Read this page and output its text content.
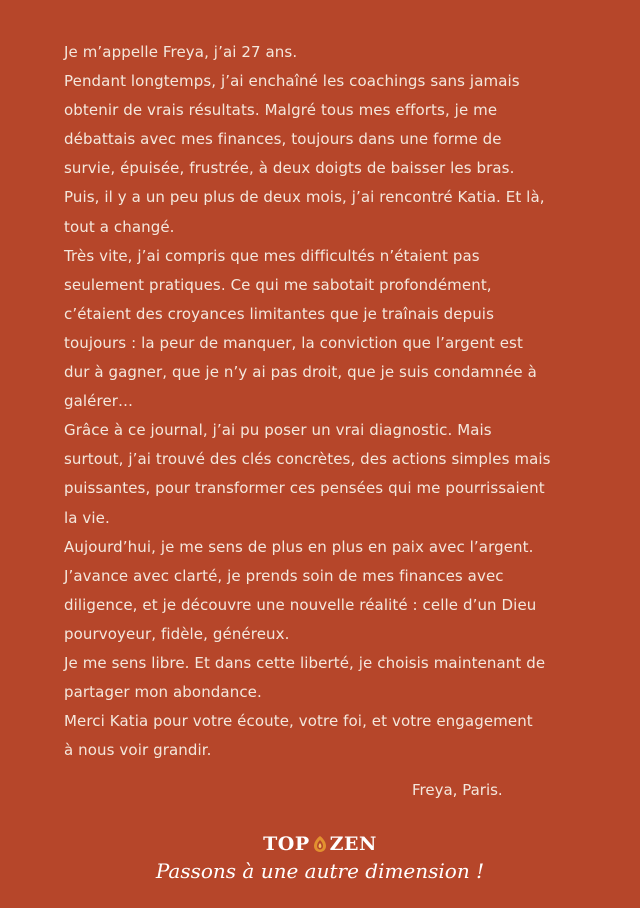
Je m’appelle Freya, j’ai 27 ans.

Pendant longtemps, j’ai enchaîné les coachings sans jamais

obtenir de vrais résultats. Malgré tous mes efforts, je me

débattais avec mes finances, toujours dans une forme de

survie, épuisée, frustrée, à deux doigts de baisser les bras.

Puis, il y a un peu plus de deux mois, j’ai rencontré Katia. Et là,

tout a changé.

Très vite, j’ai compris que mes difficultés n’étaient pas

seulement pratiques. Ce qui me sabotait profondément,

c’étaient des croyances limitantes que je traînais depuis

toujours : la peur de manquer, la conviction que l’argent est

dur à gagner, que je n’y ai pas droit, que je suis condamnée à

galérer…

Grâce à ce journal, j’ai pu poser un vrai diagnostic. Mais

surtout, j’ai trouvé des clés concrètes, des actions simples mais

puissantes, pour transformer ces pensées qui me pourrissaient

la vie.

Aujourd’hui, je me sens de plus en plus en paix avec l’argent.

J’avance avec clarté, je prends soin de mes finances avec

diligence, et je découvre une nouvelle réalité : celle d’un Dieu

pourvoyeur, fidèle, généreux.

Je me sens libre. Et dans cette liberté, je choisis maintenant de

partager mon abondance.

Merci Katia pour votre écoute, votre foi, et votre engagement

à nous voir grandir.

Freya, Paris.
TOP ZEN
Passons à une autre dimension !
